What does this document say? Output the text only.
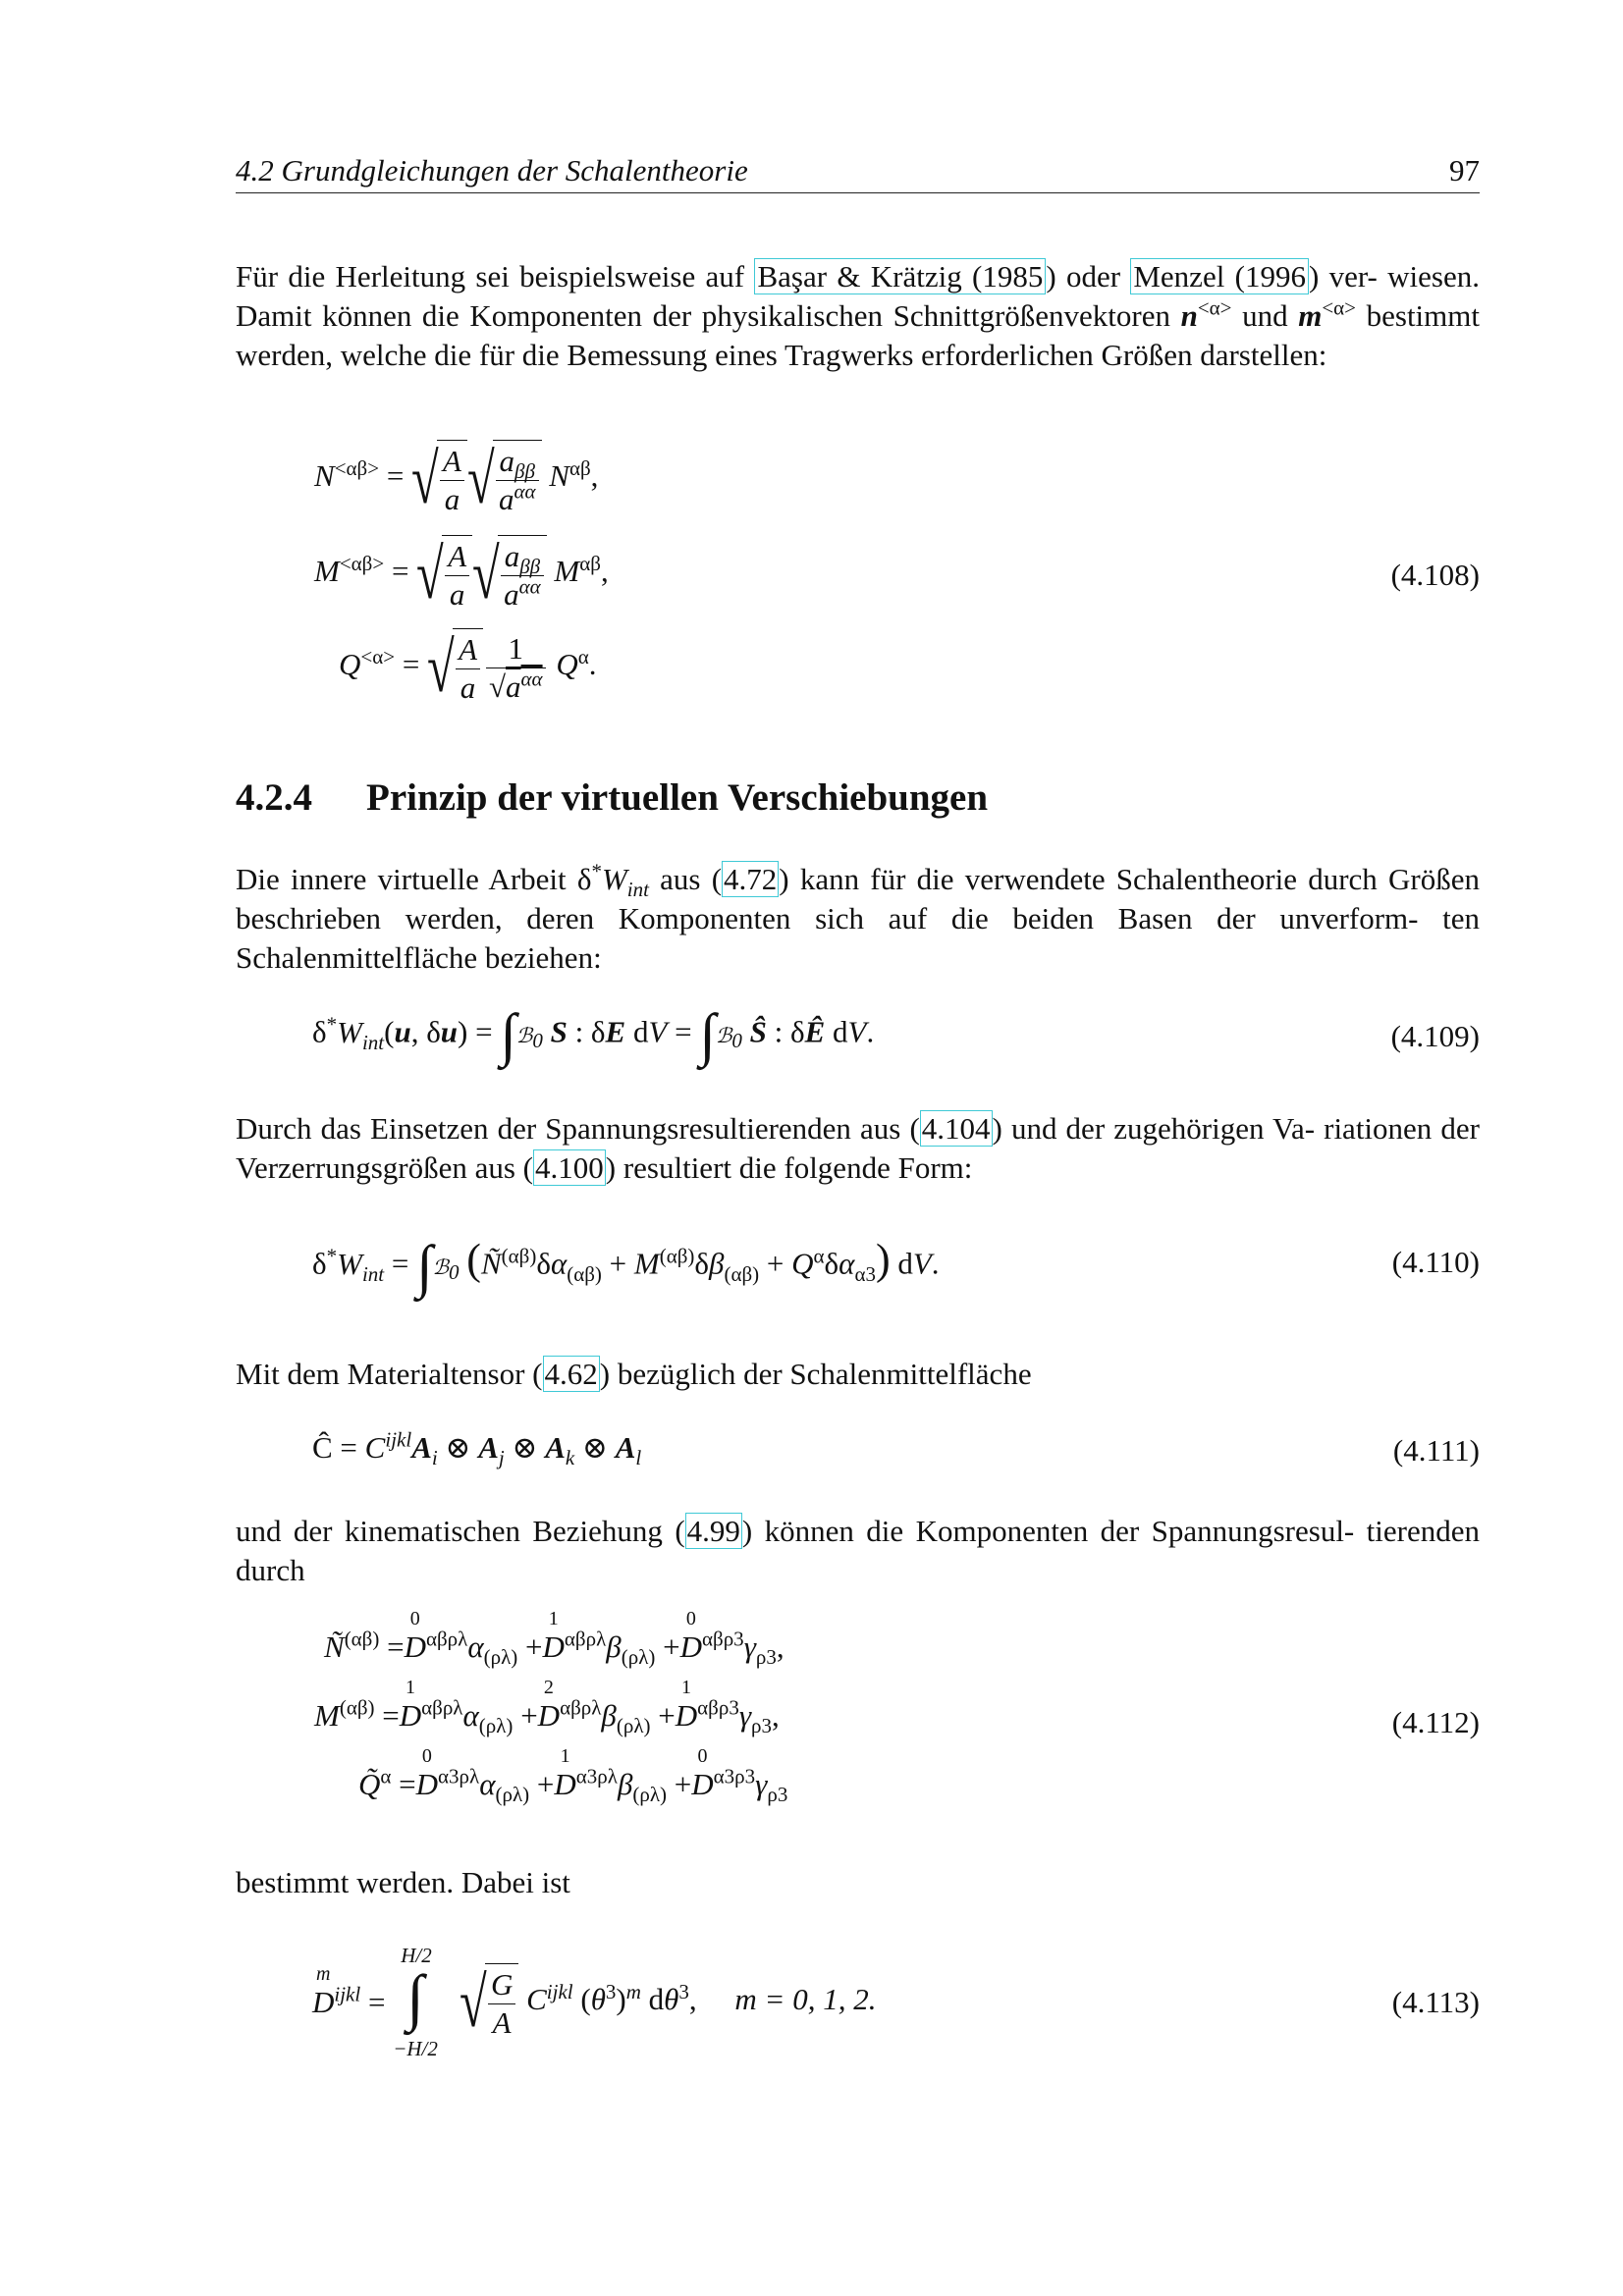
4.2 Grundgleichungen der Schalentheorie	97
Für die Herleitung sei beispielsweise auf Başar & Krätzig (1985) oder Menzel (1996) ver- wiesen. Damit können die Komponenten der physikalischen Schnittgrößenvektoren $n^{<\alpha>}$ und $m^{<\alpha>}$ bestimmt werden, welche die für die Bemessung eines Tragwerks erforderlichen Größen darstellen:
$N^{<\alpha\beta>}$ = √ $\frac{A}{a}$ √ $\frac{a_{\beta\beta}}{a^{\alpha\alpha}} N^{\alpha\beta}$,
$M^{<\alpha\beta>}$ = √ $\frac{A}{a}$ √ $\frac{a_{\beta\beta}}{a^{\alpha\alpha}} M^{\alpha\beta}$,
$Q^{<\alpha>}$ = √ $\frac{A}{a} \frac{1}{√a^{\alpha\alpha}} Q^\alpha$.
(4.108)
4.2.4 Prinzip der virtuellen Verschiebungen
Die innere virtuelle Arbeit $\delta^*W_{int}$ aus (4.72) kann für die verwendete Schalentheorie durch Größen beschrieben werden, deren Komponenten sich auf die beiden Basen der unverform- ten Schalenmittelfläche beziehen:
$\delta^*W_{int}(u$, δu) = ∫ℬ$_0$ S : δE dV = ∫ℬ$_0$ Ŝ : δÊ dV.	(4.109)
Durch das Einsetzen der Spannungsresultierenden aus (4.104) und der zugehörigen Va- riationen der Verzerrungsgrößen aus (4.100) resultiert die folgende Form:
$\delta^*W_{int}$ = ∫ℬ$_0$ $(Ñ^{(\alpha\beta)}\delta\alpha_{(\alpha\beta)} + M^{(\alpha\beta)}\delta\beta_{(\alpha\beta)} + Q^\alpha\delta\alpha_{\alpha 3})$ dV.	(4.110)
Mit dem Materialtensor (4.62) bezüglich der Schalenmittelfläche
Ĉ = $C^{ijkl}A_i$ ⊗ $A_j$ ⊗ $A_k$ ⊗ $A_l$	(4.111)
und der kinematischen Beziehung (4.99) können die Komponenten der Spannungsresul- tierenden durch
$Ñ^{(\alpha\beta)}$ =
0
$D^{\alpha\beta\rho\lambda}\alpha_{(\rho\lambda)}$ +
1
$D^{\alpha\beta\rho\lambda}\beta_{(\rho\lambda)}$ +
0
$D^{\alpha\beta\rho 3}\gamma_{\rho 3}$,
$M^{(\alpha\beta)}$ =
1
$D^{\alpha\beta\rho\lambda}\alpha_{(\rho\lambda)}$ +
2
$D^{\alpha\beta\rho\lambda}\beta_{(\rho\lambda)}$ +
1
$D^{\alpha\beta\rho 3}\gamma_{\rho 3}$,
Q̃$^\alpha$ =
0
$D^{\alpha 3\rho\lambda}\alpha_{(\rho\lambda)}$ +
1
$D^{\alpha 3\rho\lambda}\beta_{(\rho\lambda)}$ +
0
$D^{\alpha 3\rho 3}\gamma_{\rho 3}$
(4.112)
bestimmt werden. Dabei ist
m
$D^{ijkl}$ =
H/2
∫
−H/2

√ $\frac{G}{A} C^{ijkl}$ $(\theta^3)^m$ $d\theta^3$,     m = 0, 1, 2.	(4.113)
